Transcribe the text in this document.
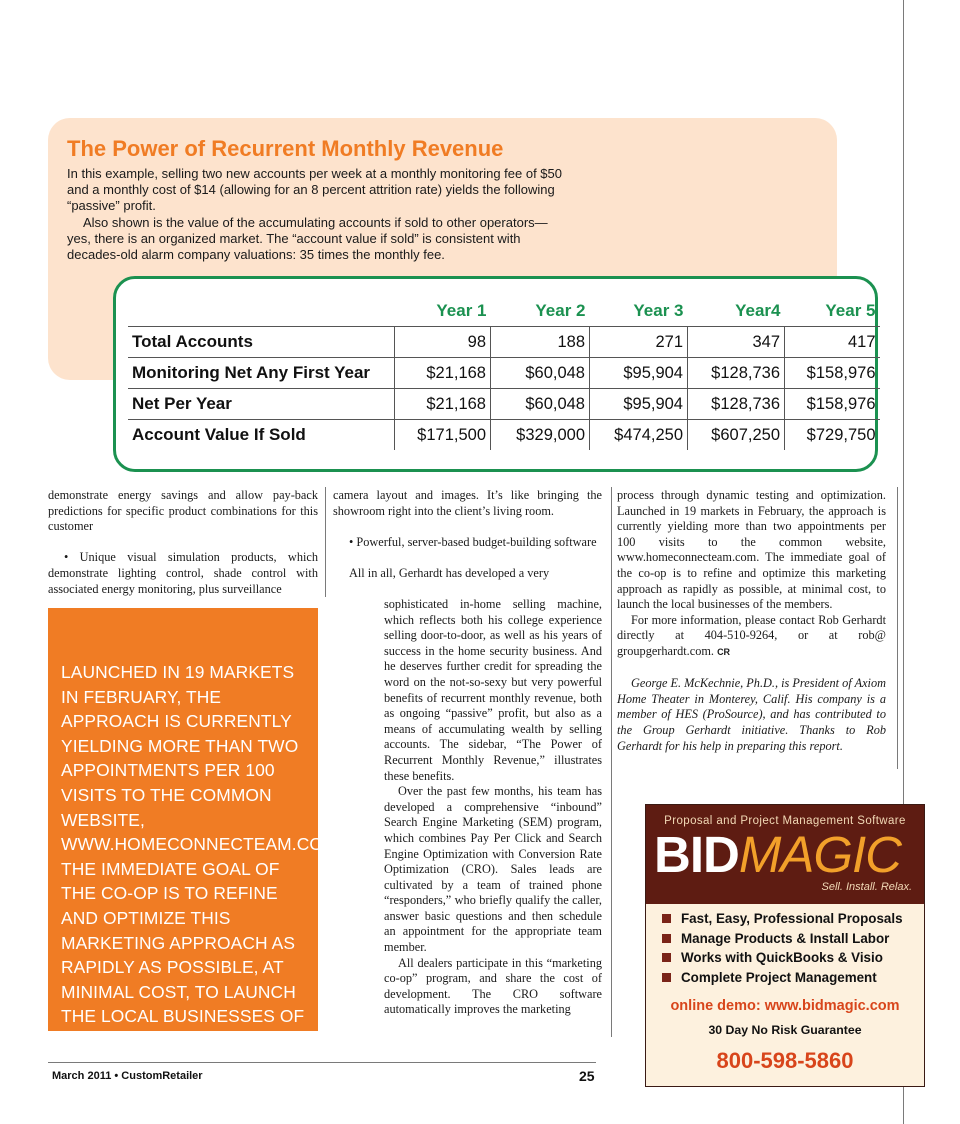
The Power of Recurrent Monthly Revenue

In this example, selling two new accounts per week at a monthly monitoring fee of $50 and a monthly cost of $14 (allowing for an 8 percent attrition rate) yields the following “passive” profit.

Also shown is the value of the accumulating accounts if sold to other operators—yes, there is an organized market. The “account value if sold” is consistent with decades-old alarm company valuations: 35 times the monthly fee.

	Year 1	Year 2	Year 3	Year4	Year 5
Total Accounts	98	188	271	347	417
Monitoring Net Any First Year	$21,168	$60,048	$95,904	$128,736	$158,976
Net Per Year	$21,168	$60,048	$95,904	$128,736	$158,976
Account Value If Sold	$171,500	$329,000	$474,250	$607,250	$729,750

demonstrate energy savings and allow pay-back predictions for specific product combinations for this customer

• Unique visual simulation products, which demonstrate lighting control, shade control with associated energy monitoring, plus surveillance

LAUNCHED IN 19 MARKETS IN FEBRUARY, THE APPROACH IS CURRENTLY YIELDING MORE THAN TWO APPOINTMENTS PER 100 VISITS TO THE COMMON WEBSITE, WWW.HOMECONNECTEAM.COM. THE IMMEDIATE GOAL OF THE CO-OP IS TO REFINE AND OPTIMIZE THIS MARKETING APPROACH AS RAPIDLY AS POSSIBLE, AT MINIMAL COST, TO LAUNCH THE LOCAL BUSINESSES OF THE MEMBERS.

camera layout and images. It’s like bringing the showroom right into the client’s living room.

• Powerful, server-based budget-building software

All in all, Gerhardt has developed a very

sophisticated in-home selling machine, which reflects both his college experience selling door-to-door, as well as his years of success in the home security business. And he deserves further credit for spreading the word on the not-so-sexy but very powerful benefits of recurrent monthly revenue, both as ongoing “passive” profit, but also as a means of accumulating wealth by selling accounts. The sidebar, “The Power of Recurrent Monthly Revenue,” illustrates these benefits.

Over the past few months, his team has developed a comprehensive “inbound” Search Engine Marketing (SEM) program, which combines Pay Per Click and Search Engine Optimization with Conversion Rate Optimization (CRO). Sales leads are cultivated by a team of trained phone “responders,” who briefly qualify the caller, answer basic questions and then schedule an appointment for the appropriate team member.

All dealers participate in this “marketing co-op” program, and share the cost of development. The CRO software automatically improves the marketing

process through dynamic testing and optimization. Launched in 19 markets in February, the approach is currently yielding more than two appointments per 100 visits to the common website, www.homeconnecteam.com. The immediate goal of the co-op is to refine and optimize this marketing approach as rapidly as possible, at minimal cost, to launch the local businesses of the members.

For more information, please contact Rob Gerhardt directly at 404-510-9264, or at rob@ groupgerhardt.com. CR

George E. McKechnie, Ph.D., is President of Axiom Home Theater in Monterey, Calif. His company is a member of HES (ProSource), and has contributed to the Group Gerhardt initiative. Thanks to Rob Gerhardt for his help in preparing this report.

Proposal and Project Management Software
BIDMAGIC
Sell. Install. Relax.
Fast, Easy, Professional Proposals
Manage Products & Install Labor
Works with QuickBooks & Visio
Complete Project Management
online demo: www.bidmagic.com
30 Day No Risk Guarantee
800-598-5860
March 2011 • CustomRetailer	25
